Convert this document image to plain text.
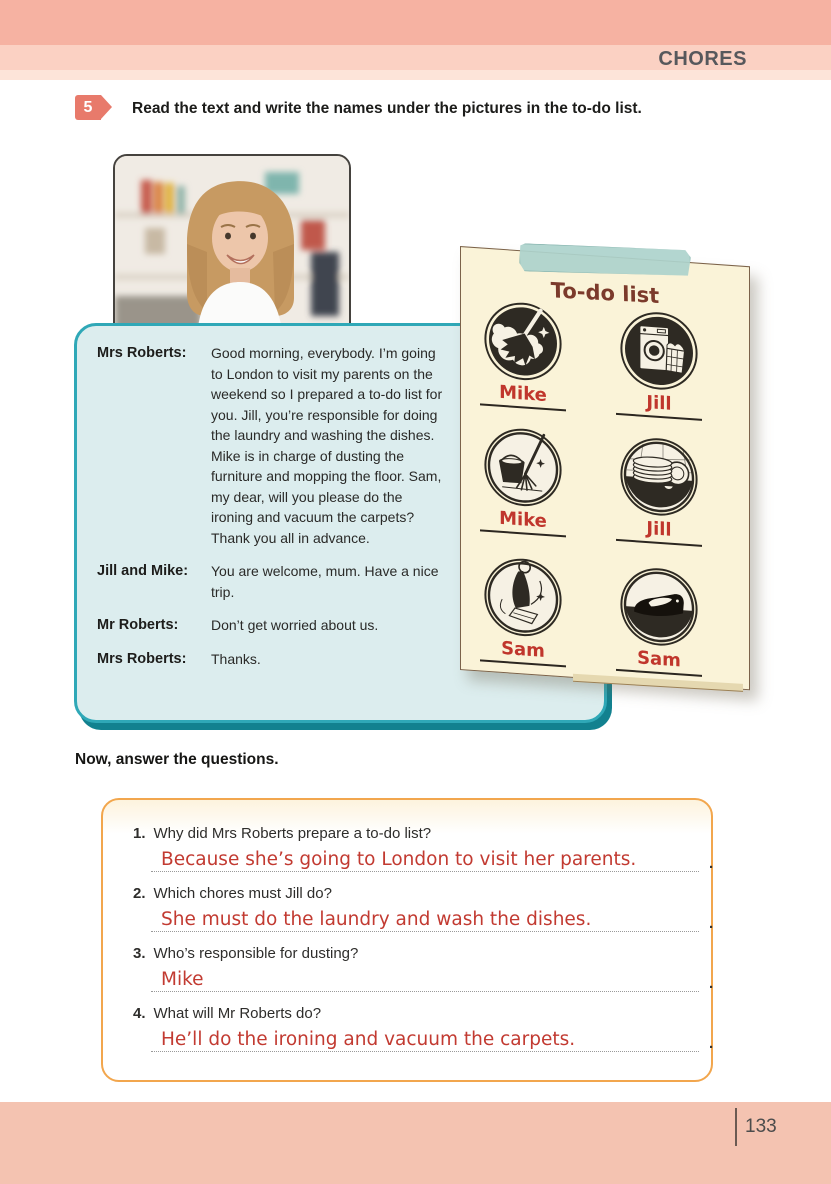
CHORES
5	Read the text and write the names under the pictures in the to-do list.
Mrs Roberts:	Good morning, everybody. I’m going to London to visit my parents on the weekend so I prepared a to-do list for you. Jill, you’re responsible for doing the laundry and washing the dishes. Mike is in charge of dusting the furniture and mopping the floor. Sam, my dear, will you please do the ironing and vacuum the carpets? Thank you all in advance.
Jill and Mike:	You are welcome, mum. Have a nice trip.
Mr Roberts:	Don’t get worried about us.
Mrs Roberts:	Thanks.
To-do list
Mike	Jill
Mike	Jill
Sam	Sam
Now, answer the questions.
1. Why did Mrs Roberts prepare a to-do list?
Because she’s going to London to visit her parents.	.
2. Which chores must Jill do?
She must do the laundry and wash the dishes.	.
3. Who’s responsible for dusting?
Mike	.
4. What will Mr Roberts do?
He’ll do the ironing and vacuum the carpets.	.
133
